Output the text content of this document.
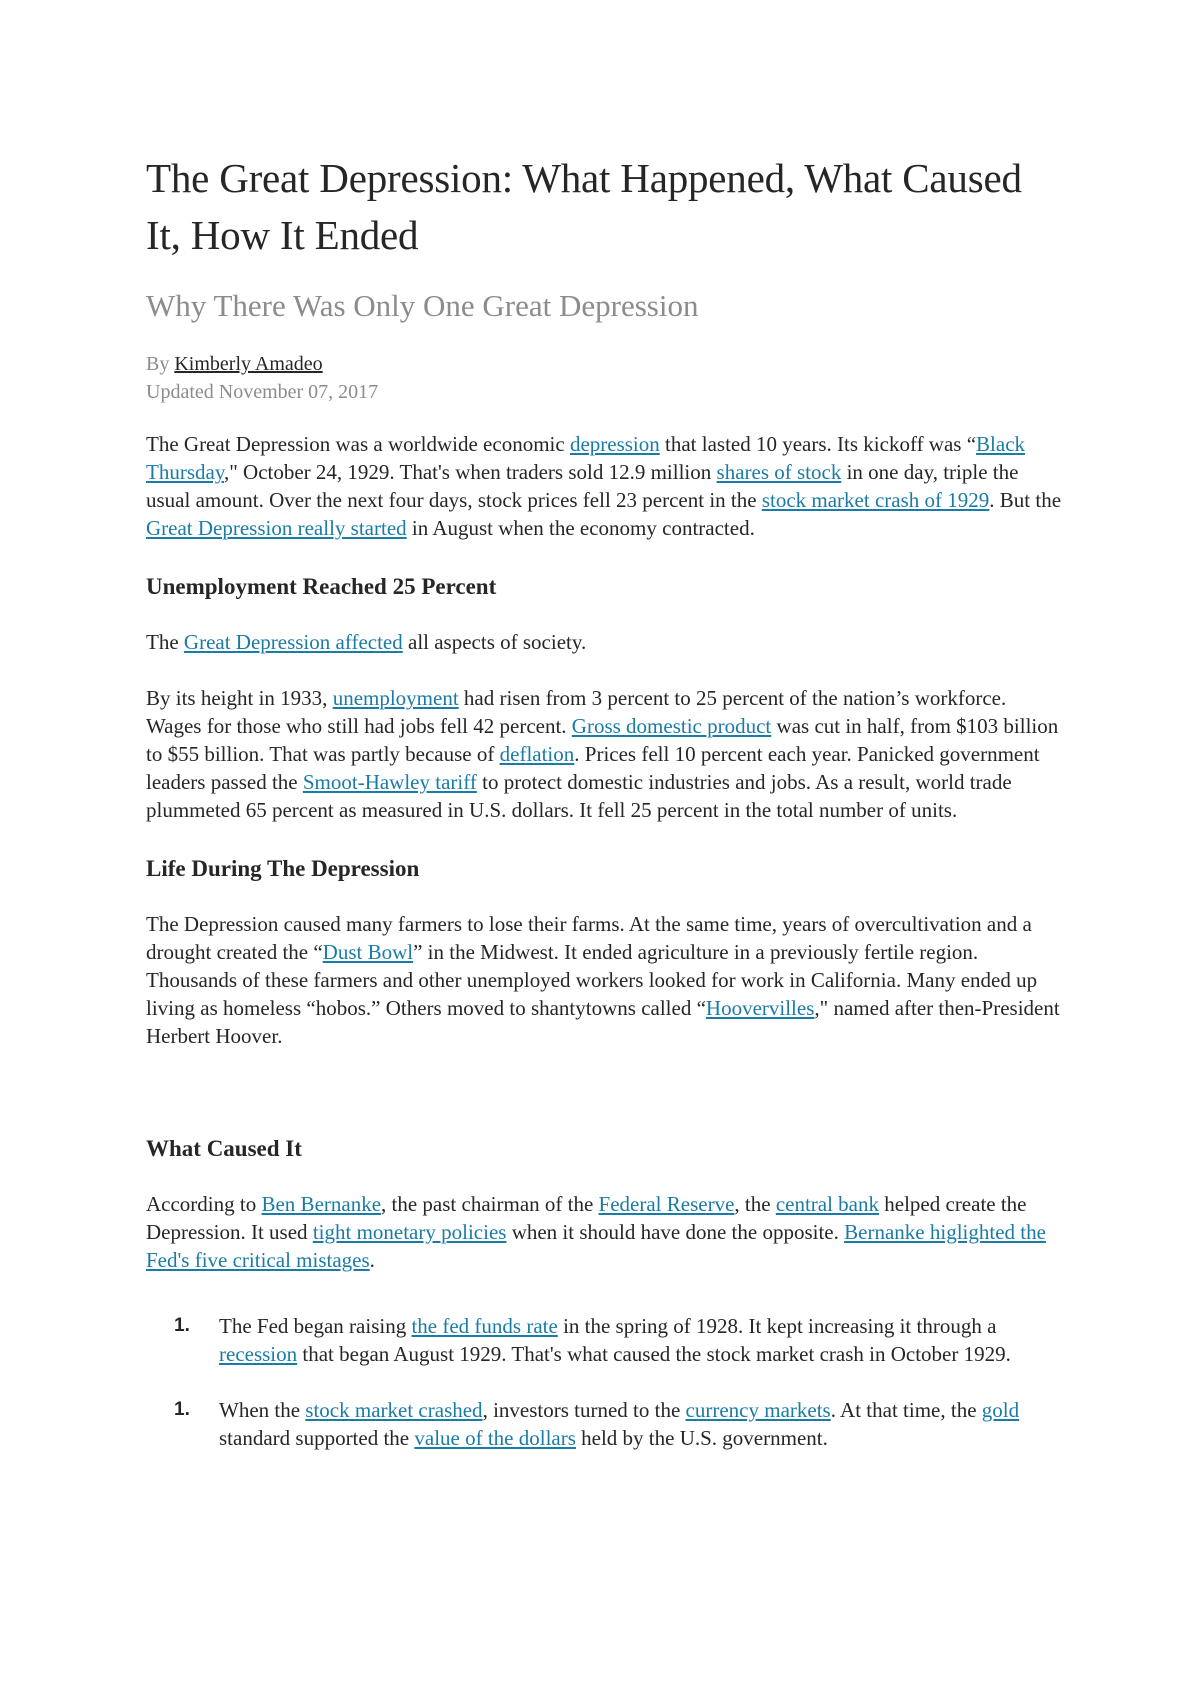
The Great Depression: What Happened, What Caused It, How It Ended
Why There Was Only One Great Depression
By Kimberly Amadeo
Updated November 07, 2017

The Great Depression was a worldwide economic depression that lasted 10 years. Its kickoff was “Black Thursday," October 24, 1929. That's when traders sold 12.9 million shares of stock in one day, triple the usual amount. Over the next four days, stock prices fell 23 percent in the stock market crash of 1929. But the Great Depression really started in August when the economy contracted.

Unemployment Reached 25 Percent

The Great Depression affected all aspects of society.

By its height in 1933, unemployment had risen from 3 percent to 25 percent of the nation’s workforce. Wages for those who still had jobs fell 42 percent. Gross domestic product was cut in half, from $103 billion to $55 billion. That was partly because of deflation. Prices fell 10 percent each year. Panicked government leaders passed the Smoot-Hawley tariff to protect domestic industries and jobs. As a result, world trade plummeted 65 percent as measured in U.S. dollars. It fell 25 percent in the total number of units.

Life During The Depression

The Depression caused many farmers to lose their farms. At the same time, years of overcultivation and a drought created the “Dust Bowl” in the Midwest. It ended agriculture in a previously fertile region. Thousands of these farmers and other unemployed workers looked for work in California. Many ended up living as homeless “hobos.” Others moved to shantytowns called “Hoovervilles," named after then-President Herbert Hoover.

What Caused It

According to Ben Bernanke, the past chairman of the Federal Reserve, the central bank helped create the Depression. It used tight monetary policies when it should have done the opposite. Bernanke higlighted the Fed's five critical mistages.

1. The Fed began raising the fed funds rate in the spring of 1928. It kept increasing it through a recession that began August 1929. That's what caused the stock market crash in October 1929.
1. When the stock market crashed, investors turned to the currency markets. At that time, the gold standard supported the value of the dollars held by the U.S. government.
